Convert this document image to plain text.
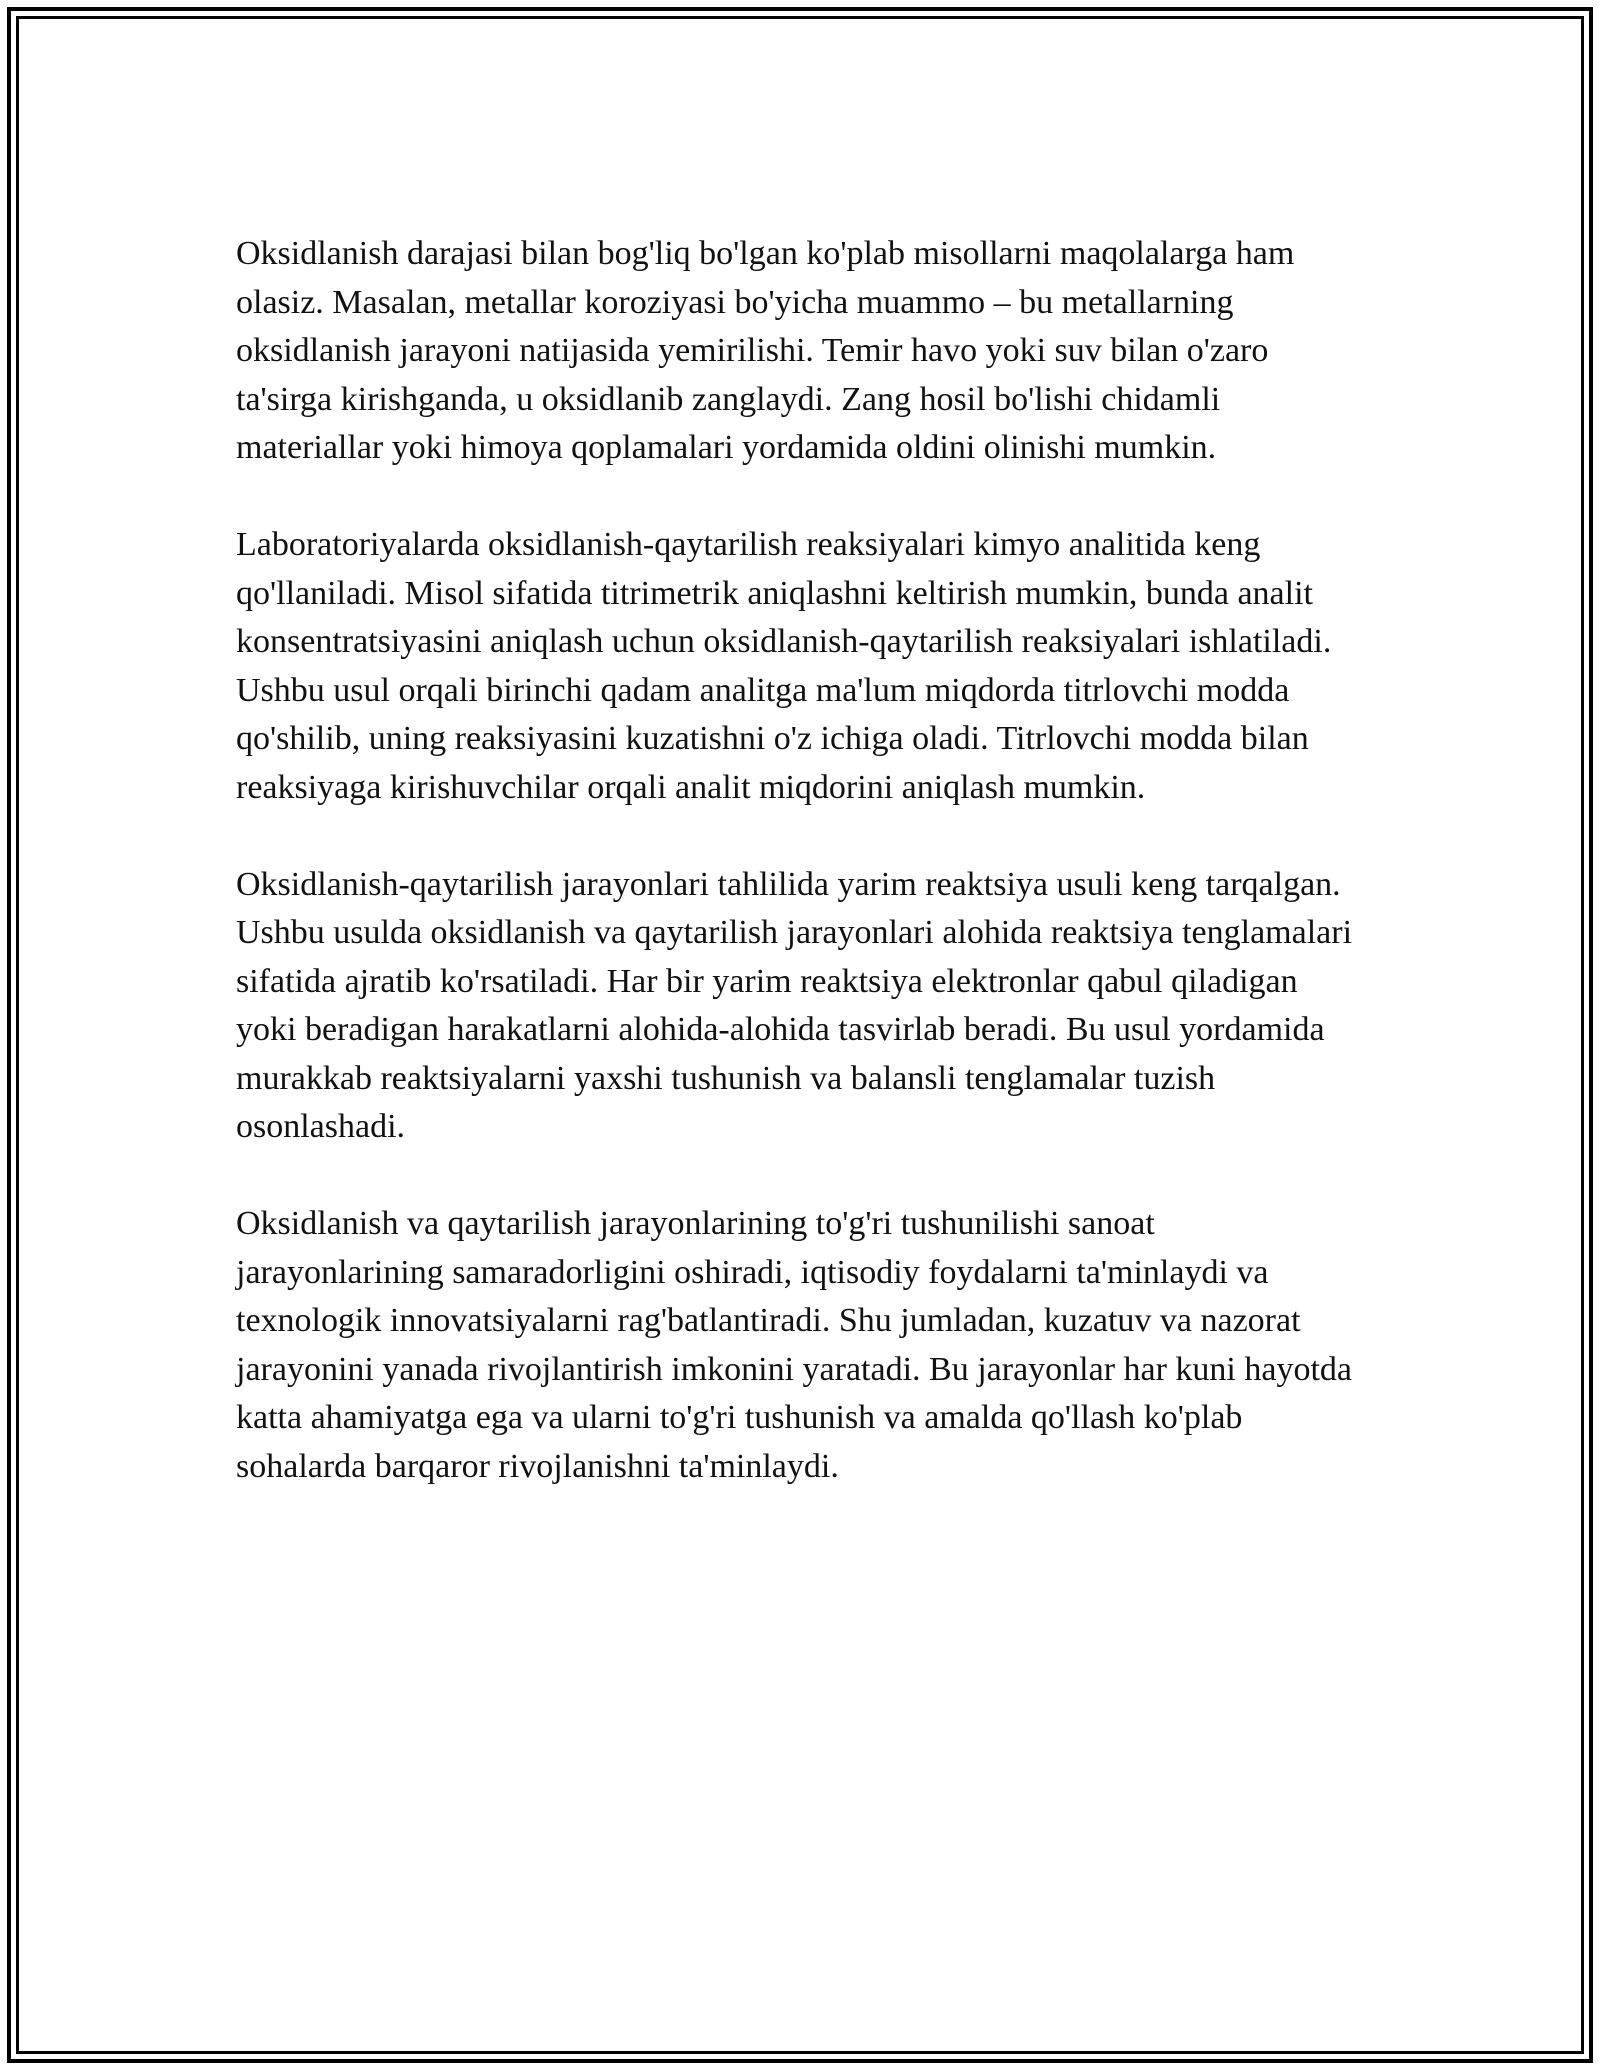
Oksidlanish darajasi bilan bog'liq bo'lgan ko'plab misollarni maqolalarga ham olasiz. Masalan, metallar koroziyasi bo'yicha muammo – bu metallarning oksidlanish jarayoni natijasida yemirilishi. Temir havo yoki suv bilan o'zaro ta'sirga kirishganda, u oksidlanib zanglaydi. Zang hosil bo'lishi chidamli materiallar yoki himoya qoplamalari yordamida oldini olinishi mumkin.

Laboratoriyalarda oksidlanish-qaytarilish reaksiyalari kimyo analitida keng qo'llaniladi. Misol sifatida titrimetrik aniqlashni keltirish mumkin, bunda analit konsentratsiyasini aniqlash uchun oksidlanish-qaytarilish reaksiyalari ishlatiladi. Ushbu usul orqali birinchi qadam analitga ma'lum miqdorda titrlovchi modda qo'shilib, uning reaksiyasini kuzatishni o'z ichiga oladi. Titrlovchi modda bilan reaksiyaga kirishuvchilar orqali analit miqdorini aniqlash mumkin.

Oksidlanish-qaytarilish jarayonlari tahlilida yarim reaktsiya usuli keng tarqalgan. Ushbu usulda oksidlanish va qaytarilish jarayonlari alohida reaktsiya tenglamalari sifatida ajratib ko'rsatiladi. Har bir yarim reaktsiya elektronlar qabul qiladigan yoki beradigan harakatlarni alohida-alohida tasvirlab beradi. Bu usul yordamida murakkab reaktsiyalarni yaxshi tushunish va balansli tenglamalar tuzish osonlashadi.

Oksidlanish va qaytarilish jarayonlarining to'g'ri tushunilishi sanoat jarayonlarining samaradorligini oshiradi, iqtisodiy foydalarni ta'minlaydi va texnologik innovatsiyalarni rag'batlantiradi. Shu jumladan, kuzatuv va nazorat jarayonini yanada rivojlantirish imkonini yaratadi. Bu jarayonlar har kuni hayotda katta ahamiyatga ega va ularni to'g'ri tushunish va amalda qo'llash ko'plab sohalarda barqaror rivojlanishni ta'minlaydi.
